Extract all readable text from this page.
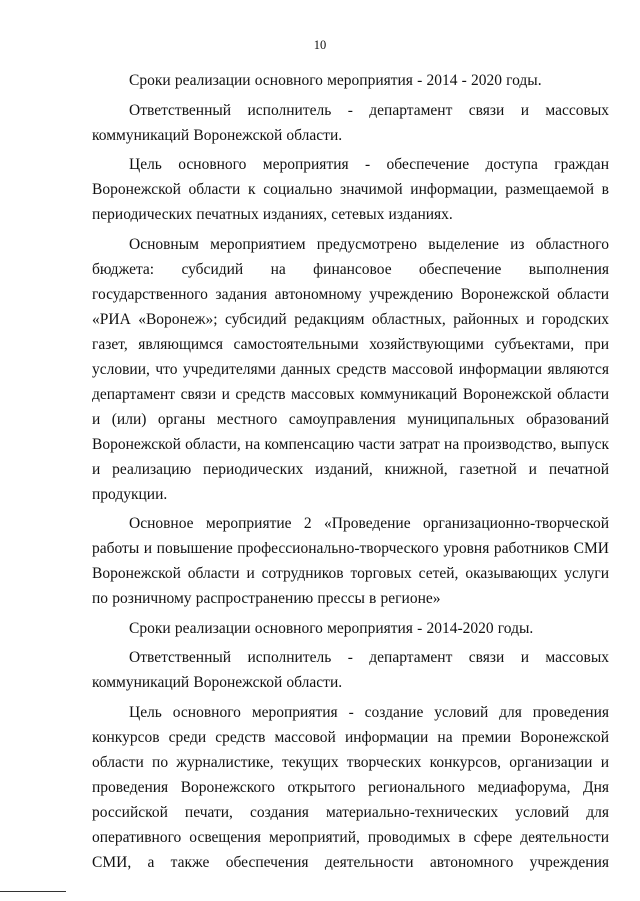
10

Сроки реализации основного мероприятия - 2014 - 2020 годы.

Ответственный исполнитель - департамент связи и массовых коммуникаций Воронежской области.

Цель основного мероприятия - обеспечение доступа граждан Воронежской области к социально значимой информации, размещаемой в периодических печатных изданиях, сетевых изданиях.

Основным мероприятием предусмотрено выделение из областного бюджета: субсидий на финансовое обеспечение выполнения государственного задания автономному учреждению Воронежской области «РИА «Воронеж»; субсидий редакциям областных, районных и городских газет, являющимся самостоятельными хозяйствующими субъектами, при условии, что учредителями данных средств массовой информации являются департамент связи и средств массовых коммуникаций Воронежской области и (или) органы местного самоуправления муниципальных образований Воронежской области, на компенсацию части затрат на производство, выпуск и реализацию периодических изданий, книжной, газетной и печатной продукции.

Основное мероприятие 2 «Проведение организационно-творческой работы и повышение профессионально-творческого уровня работников СМИ Воронежской области и сотрудников торговых сетей, оказывающих услуги по розничному распространению прессы в регионе»

Сроки реализации основного мероприятия - 2014-2020 годы.

Ответственный исполнитель - департамент связи и массовых коммуникаций Воронежской области.

Цель основного мероприятия - создание условий для проведения конкурсов среди средств массовой информации на премии Воронежской области по журналистике, текущих творческих конкурсов, организации и проведения Воронежского открытого регионального медиафорума, Дня российской печати, создания материально-технических условий для оперативного освещения мероприятий, проводимых в сфере деятельности СМИ, а также обеспечения деятельности автономного учреждения
